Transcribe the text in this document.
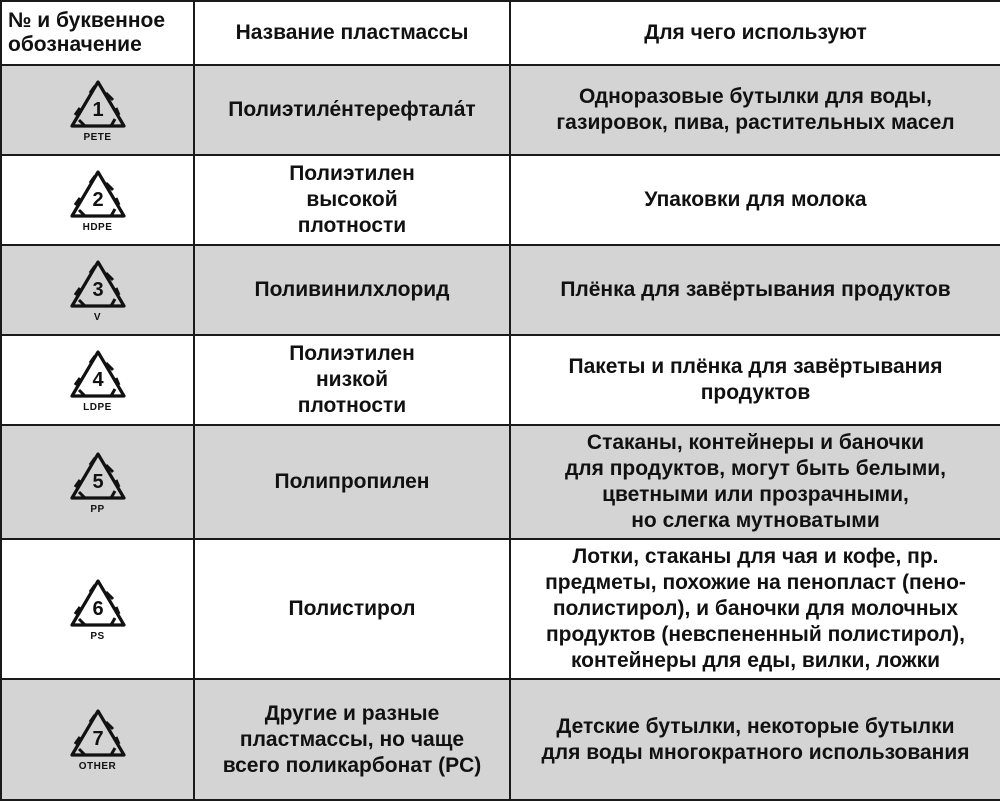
№ и буквенное обозначение	Название пластмассы	Для чего используют

1
PETE	Полиэтиле́нтерефтала́т	Одноразовые бутылки для воды,
газировок, пива, растительных масел

2
HDPE	Полиэтилен
высокой
плотности	Упаковки для молока

3
V	Поливинилхлорид	Плёнка для завёртывания продуктов

4
LDPE	Полиэтилен
низкой
плотности	Пакеты и плёнка для завёртывания
продуктов

5
PP	Полипропилен	Стаканы, контейнеры и баночки
для продуктов, могут быть белыми,
цветными или прозрачными,
но слегка мутноватыми

6
PS	Полистирол	Лотки, стаканы для чая и кофе, пр.
предметы, похожие на пенопласт (пено-
полистирол), и баночки для молочных
продуктов (невспененный полистирол),
контейнеры для еды, вилки, ложки

7
OTHER	Другие и разные
пластмассы, но чаще
всего поликарбонат (PC)	Детские бутылки, некоторые бутылки
для воды многократного использования
